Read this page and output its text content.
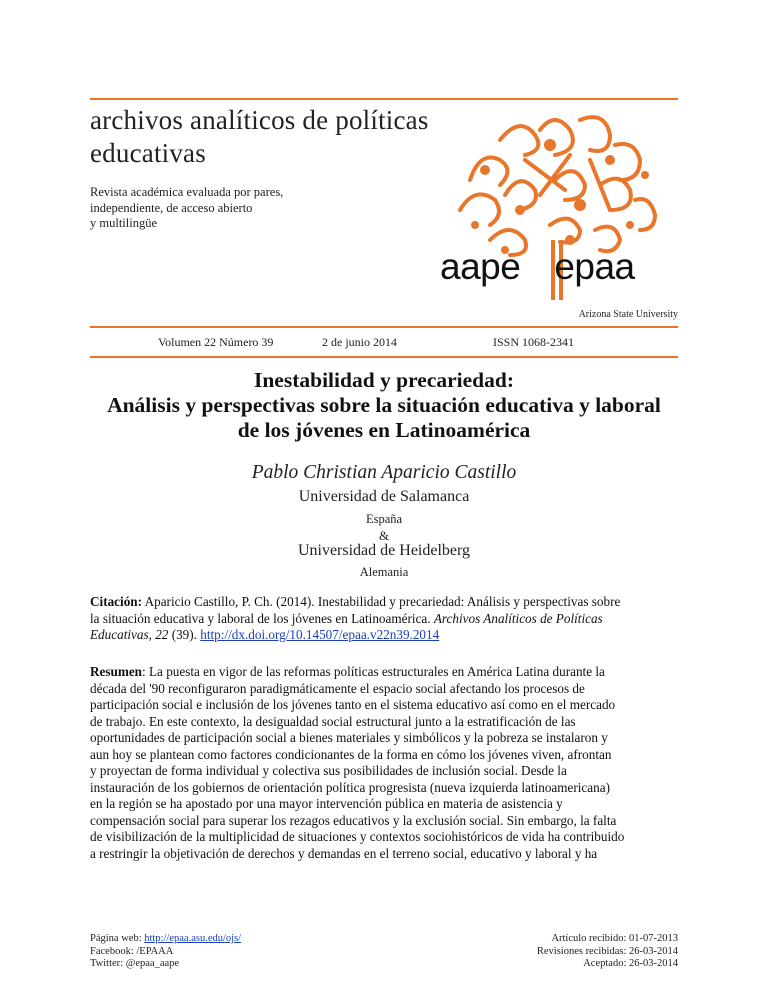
archivos analíticos de políticas
educativas
Revista académica evaluada por pares,
independiente, de acceso abierto
y multilingüe
aape epaa
Arizona State University
Volumen 22 Número 39	2 de junio 2014	ISSN 1068-2341
Inestabilidad y precariedad:
Análisis y perspectivas sobre la situación educativa y laboral
de los jóvenes en Latinoamérica
Pablo Christian Aparicio Castillo
Universidad de Salamanca
España
&
Universidad de Heidelberg
Alemania
Citación: Aparicio Castillo, P. Ch. (2014). Inestabilidad y precariedad: Análisis y perspectivas sobre
la situación educativa y laboral de los jóvenes en Latinoamérica. Archivos Analíticos de Políticas
Educativas, 22 (39). http://dx.doi.org/10.14507/epaa.v22n39.2014
Resumen: La puesta en vigor de las reformas políticas estructurales en América Latina durante la
década del '90 reconfiguraron paradigmáticamente el espacio social afectando los procesos de
participación social e inclusión de los jóvenes tanto en el sistema educativo así como en el mercado
de trabajo. En este contexto, la desigualdad social estructural junto a la estratificación de las
oportunidades de participación social a bienes materiales y simbólicos y la pobreza se instalaron y
aun hoy se plantean como factores condicionantes de la forma en cómo los jóvenes viven, afrontan
y proyectan de forma individual y colectiva sus posibilidades de inclusión social. Desde la
instauración de los gobiernos de orientación política progresista (nueva izquierda latinoamericana)
en la región se ha apostado por una mayor intervención pública en materia de asistencia y
compensación social para superar los rezagos educativos y la exclusión social. Sin embargo, la falta
de visibilización de la multiplicidad de situaciones y contextos sociohistóricos de vida ha contribuido
a restringir la objetivación de derechos y demandas en el terreno social, educativo y laboral y ha
Página web: http://epaa.asu.edu/ojs/
Facebook: /EPAAA
Twitter: @epaa_aape
Artículo recibido: 01-07-2013
Revisiones recibidas: 26-03-2014
Aceptado: 26-03-2014
